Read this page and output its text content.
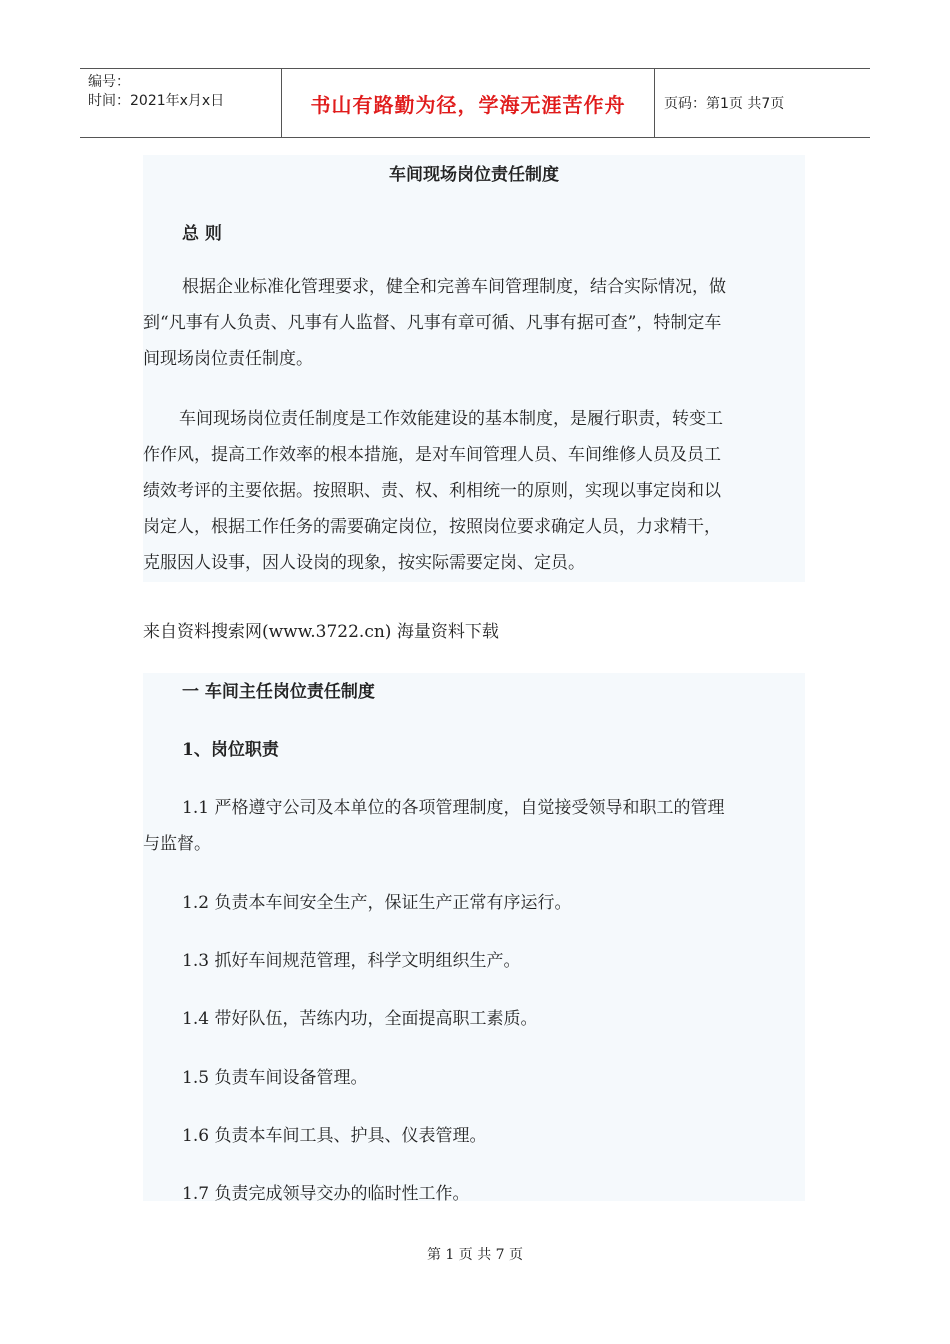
编号：
时间：2021年x月x日	书山有路勤为径，学海无涯苦作舟	页码：第1页 共7页
车间现场岗位责任制度
总 则
根据企业标准化管理要求，健全和完善车间管理制度，结合实际情况，做
到“凡事有人负责、凡事有人监督、凡事有章可循、凡事有据可查”，特制定车
间现场岗位责任制度。
车间现场岗位责任制度是工作效能建设的基本制度，是履行职责，转变工
作作风，提高工作效率的根本措施，是对车间管理人员、车间维修人员及员工
绩效考评的主要依据。按照职、责、权、利相统一的原则，实现以事定岗和以
岗定人，根据工作任务的需要确定岗位，按照岗位要求确定人员，力求精干，
克服因人设事，因人设岗的现象，按实际需要定岗、定员。
来自资料搜索网(www.3722.cn) 海量资料下载
一 车间主任岗位责任制度
1、岗位职责
1.1 严格遵守公司及本单位的各项管理制度，自觉接受领导和职工的管理
与监督。
1.2 负责本车间安全生产，保证生产正常有序运行。
1.3 抓好车间规范管理，科学文明组织生产。
1.4 带好队伍，苦练内功，全面提高职工素质。
1.5 负责车间设备管理。
1.6 负责本车间工具、护具、仪表管理。
1.7 负责完成领导交办的临时性工作。
第 1 页 共 7 页
